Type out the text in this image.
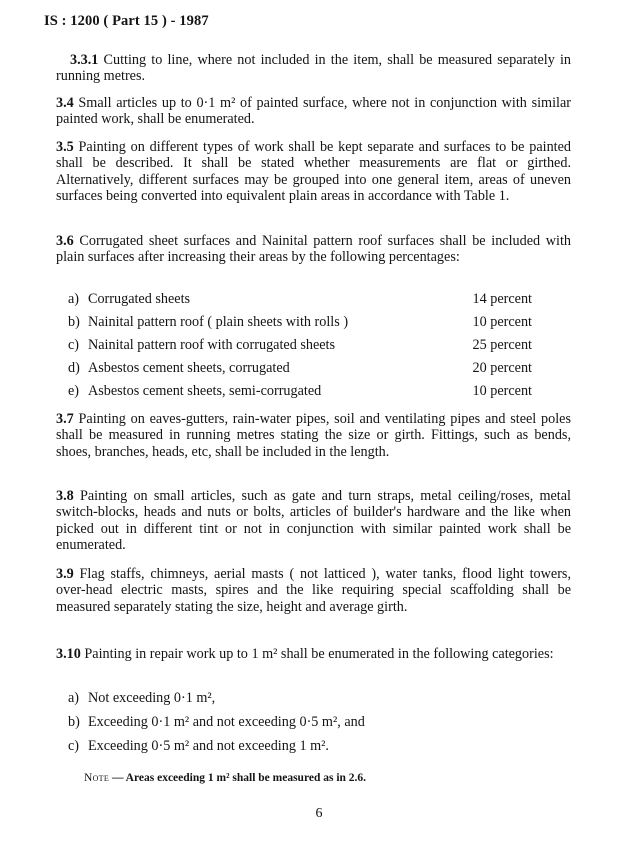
IS : 1200 ( Part 15 ) - 1987

3.3.1 Cutting to line, where not included in the item, shall be measured separately in running metres.

3.4 Small articles up to 0·1 m² of painted surface, where not in conjunction with similar painted work, shall be enumerated.

3.5 Painting on different types of work shall be kept separate and surfaces to be painted shall be described. It shall be stated whether measurements are flat or girthed. Alternatively, different surfaces may be grouped into one general item, areas of uneven surfaces being converted into equivalent plain areas in accordance with Table 1.

3.6 Corrugated sheet surfaces and Nainital pattern roof surfaces shall be included with plain surfaces after increasing their areas by the following percentages:

a) Corrugated sheets	14 percent
b) Nainital pattern roof ( plain sheets with rolls )	10 percent
c) Nainital pattern roof with corrugated sheets	25 percent
d) Asbestos cement sheets, corrugated	20 percent
e) Asbestos cement sheets, semi-corrugated	10 percent

3.7 Painting on eaves-gutters, rain-water pipes, soil and ventilating pipes and steel poles shall be measured in running metres stating the size or girth. Fittings, such as bends, shoes, branches, heads, etc, shall be included in the length.

3.8 Painting on small articles, such as gate and turn straps, metal ceiling/roses, metal switch-blocks, heads and nuts or bolts, articles of builder's hardware and the like when picked out in different tint or not in conjunction with similar painted work shall be enumerated.

3.9 Flag staffs, chimneys, aerial masts ( not latticed ), water tanks, flood light towers, over-head electric masts, spires and the like requiring special scaffolding shall be measured separately stating the size, height and average girth.

3.10 Painting in repair work up to 1 m² shall be enumerated in the following categories:

a) Not exceeding 0·1 m²,
b) Exceeding 0·1 m² and not exceeding 0·5 m², and
c) Exceeding 0·5 m² and not exceeding 1 m².
Note — Areas exceeding 1 m² shall be measured as in 2.6.
6
